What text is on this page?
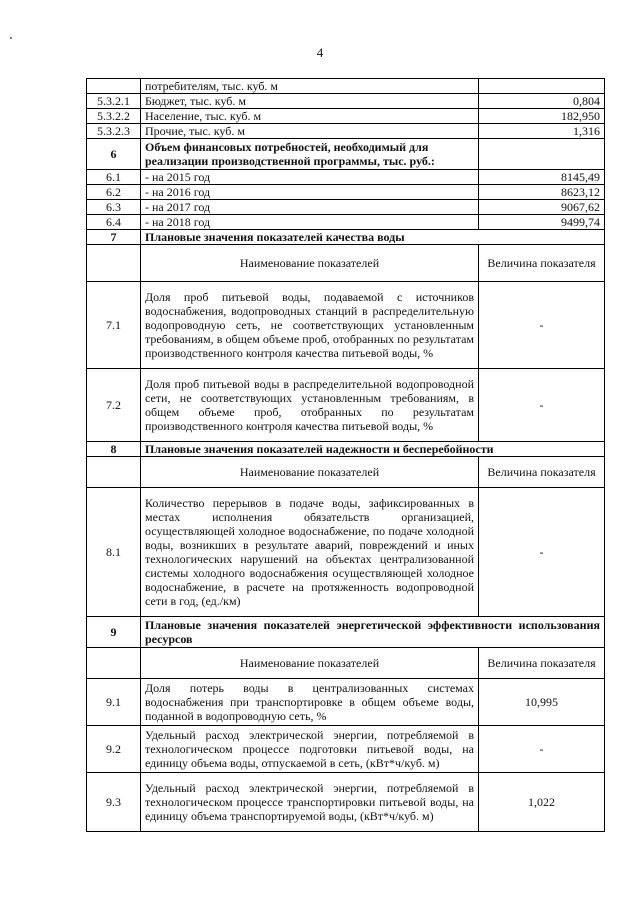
4
	потребителям, тыс. куб. м	
5.3.2.1	Бюджет, тыс. куб. м	0,804
5.3.2.2	Население, тыс. куб. м	182,950
5.3.2.3	Прочие, тыс. куб. м	1,316
6	Объем финансовых потребностей, необходимый для реализации производственной программы, тыс. руб.:	
6.1	- на 2015 год	8145,49
6.2	- на 2016 год	8623,12
6.3	- на 2017 год	9067,62
6.4	- на 2018 год	9499,74
7	Плановые значения показателей качества воды	
	Наименование показателей	Величина показателя
7.1	Доля проб питьевой воды, подаваемой с источников водоснабжения, водопроводных станций в распределительную водопроводную сеть, не соответствующих установленным требованиям, в общем объеме проб, отобранных по результатам производственного контроля качества питьевой воды, %	-
7.2	Доля проб питьевой воды в распределительной водопроводной сети, не соответствующих установленным требованиям, в общем объеме проб, отобранных по результатам производственного контроля качества питьевой воды, %	-
8	Плановые значения показателей надежности и бесперебойности	
	Наименование показателей	Величина показателя
8.1	Количество перерывов в подаче воды, зафиксированных в местах исполнения обязательств организацией, осуществляющей холодное водоснабжение, по подаче холодной воды, возникших в результате аварий, повреждений и иных технологических нарушений на объектах централизованной системы холодного водоснабжения осуществляющей холодное водоснабжение, в расчете на протяженность водопроводной сети в год, (ед./км)	-
9	Плановые значения показателей энергетической эффективности использования ресурсов	
	Наименование показателей	Величина показателя
9.1	Доля потерь воды в централизованных системах водоснабжения при транспортировке в общем объеме воды, поданной в водопроводную сеть, %	10,995
9.2	Удельный расход электрической энергии, потребляемой в технологическом процессе подготовки питьевой воды, на единицу объема воды, отпускаемой в сеть, (кВт*ч/куб. м)	-
9.3	Удельный расход электрической энергии, потребляемой в технологическом процессе транспортировки питьевой воды, на единицу объема транспортируемой воды, (кВт*ч/куб. м)	1,022
